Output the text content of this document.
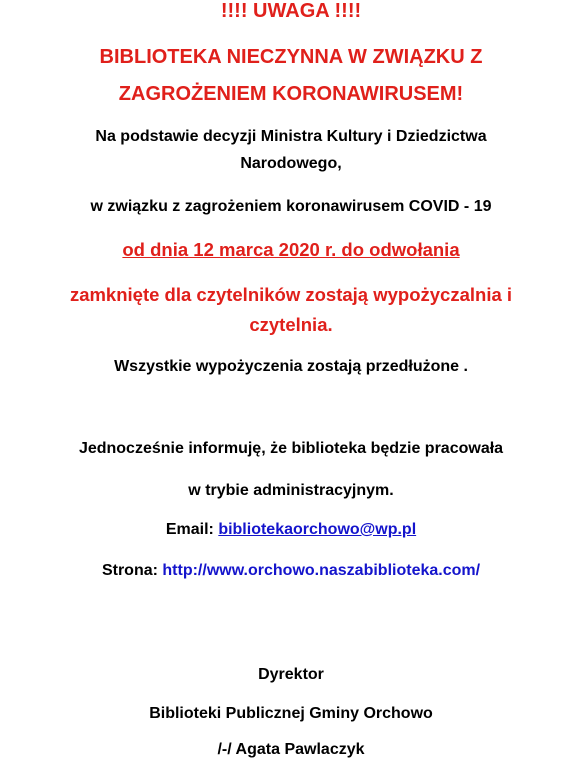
!!!! UWAGA !!!!
BIBLIOTEKA NIECZYNNA W ZWIĄZKU Z
ZAGROŻENIEM KORONAWIRUSEM!
Na podstawie decyzji Ministra Kultury i Dziedzictwa
Narodowego,
w związku z zagrożeniem koronawirusem COVID - 19
od dnia 12 marca 2020 r. do odwołania
zamknięte dla czytelników zostają wypożyczalnia i
czytelnia.
Wszystkie wypożyczenia zostają przedłużone .
Jednocześnie informuję, że biblioteka będzie pracowała
w trybie administracyjnym.
Email: bibliotekaorchowo@wp.pl
Strona: http://www.orchowo.naszabiblioteka.com/
Dyrektor
Biblioteki Publicznej Gminy Orchowo
/-/ Agata Pawlaczyk
